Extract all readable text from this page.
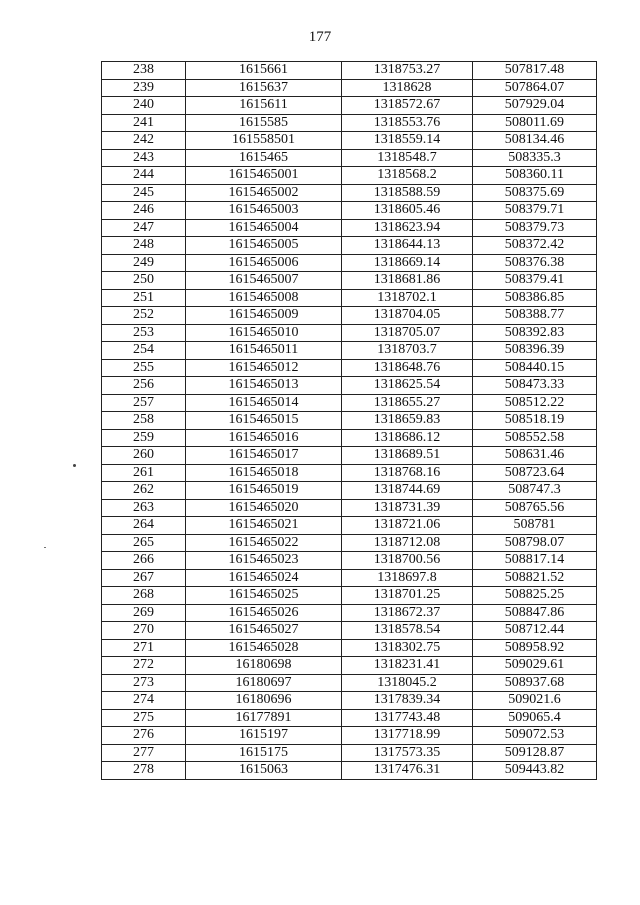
177
238	1615661	1318753.27	507817.48
239	1615637	1318628	507864.07
240	1615611	1318572.67	507929.04
241	1615585	1318553.76	508011.69
242	161558501	1318559.14	508134.46
243	1615465	1318548.7	508335.3
244	1615465001	1318568.2	508360.11
245	1615465002	1318588.59	508375.69
246	1615465003	1318605.46	508379.71
247	1615465004	1318623.94	508379.73
248	1615465005	1318644.13	508372.42
249	1615465006	1318669.14	508376.38
250	1615465007	1318681.86	508379.41
251	1615465008	1318702.1	508386.85
252	1615465009	1318704.05	508388.77
253	1615465010	1318705.07	508392.83
254	1615465011	1318703.7	508396.39
255	1615465012	1318648.76	508440.15
256	1615465013	1318625.54	508473.33
257	1615465014	1318655.27	508512.22
258	1615465015	1318659.83	508518.19
259	1615465016	1318686.12	508552.58
260	1615465017	1318689.51	508631.46
261	1615465018	1318768.16	508723.64
262	1615465019	1318744.69	508747.3
263	1615465020	1318731.39	508765.56
264	1615465021	1318721.06	508781
265	1615465022	1318712.08	508798.07
266	1615465023	1318700.56	508817.14
267	1615465024	1318697.8	508821.52
268	1615465025	1318701.25	508825.25
269	1615465026	1318672.37	508847.86
270	1615465027	1318578.54	508712.44
271	1615465028	1318302.75	508958.92
272	16180698	1318231.41	509029.61
273	16180697	1318045.2	508937.68
274	16180696	1317839.34	509021.6
275	16177891	1317743.48	509065.4
276	1615197	1317718.99	509072.53
277	1615175	1317573.35	509128.87
278	1615063	1317476.31	509443.82
